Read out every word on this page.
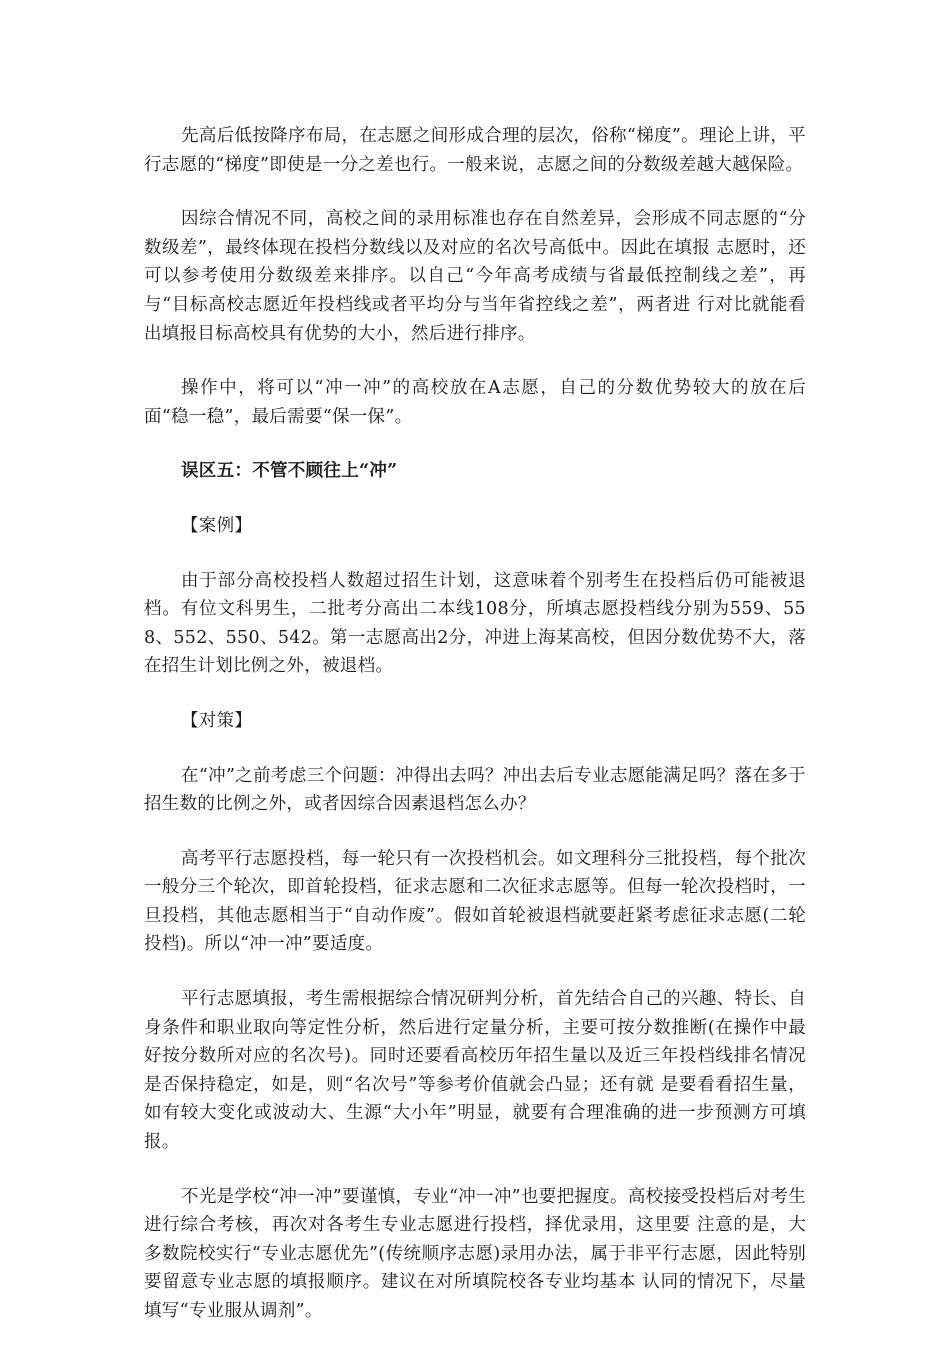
先高后低按降序布局，在志愿之间形成合理的层次，俗称“梯度”。理论上讲，平行志愿的“梯度”即使是一分之差也行。一般来说，志愿之间的分数级差越大越保险。

因综合情况不同，高校之间的录用标准也存在自然差异，会形成不同志愿的“分数级差”，最终体现在投档分数线以及对应的名次号高低中。因此在填报 志愿时，还可以参考使用分数级差来排序。以自己“今年高考成绩与省最低控制线之差”，再与“目标高校志愿近年投档线或者平均分与当年省控线之差”，两者进 行对比就能看出填报目标高校具有优势的大小，然后进行排序。

操作中，将可以“冲一冲”的高校放在A志愿，自己的分数优势较大的放在后面“稳一稳”，最后需要“保一保”。

误区五：不管不顾往上“冲”

【案例】

由于部分高校投档人数超过招生计划，这意味着个别考生在投档后仍可能被退档。有位文科男生，二批考分高出二本线108分，所填志愿投档线分别为559、558、552、550、542。第一志愿高出2分，冲进上海某高校，但因分数优势不大，落在招生计划比例之外，被退档。

【对策】

在“冲”之前考虑三个问题：冲得出去吗？冲出去后专业志愿能满足吗？落在多于招生数的比例之外，或者因综合因素退档怎么办？

高考平行志愿投档，每一轮只有一次投档机会。如文理科分三批投档，每个批次一般分三个轮次，即首轮投档，征求志愿和二次征求志愿等。但每一轮次投档时，一旦投档，其他志愿相当于“自动作废”。假如首轮被退档就要赶紧考虑征求志愿(二轮投档)。所以“冲一冲”要适度。

平行志愿填报，考生需根据综合情况研判分析，首先结合自己的兴趣、特长、自身条件和职业取向等定性分析，然后进行定量分析，主要可按分数推断(在操作中最好按分数所对应的名次号)。同时还要看高校历年招生量以及近三年投档线排名情况是否保持稳定，如是，则“名次号”等参考价值就会凸显；还有就 是要看看招生量，如有较大变化或波动大、生源“大小年”明显，就要有合理准确的进一步预测方可填报。

不光是学校“冲一冲”要谨慎，专业“冲一冲”也要把握度。高校接受投档后对考生进行综合考核，再次对各考生专业志愿进行投档，择优录用，这里要 注意的是，大多数院校实行“专业志愿优先”(传统顺序志愿)录用办法，属于非平行志愿，因此特别要留意专业志愿的填报顺序。建议在对所填院校各专业均基本 认同的情况下，尽量填写“专业服从调剂”。
